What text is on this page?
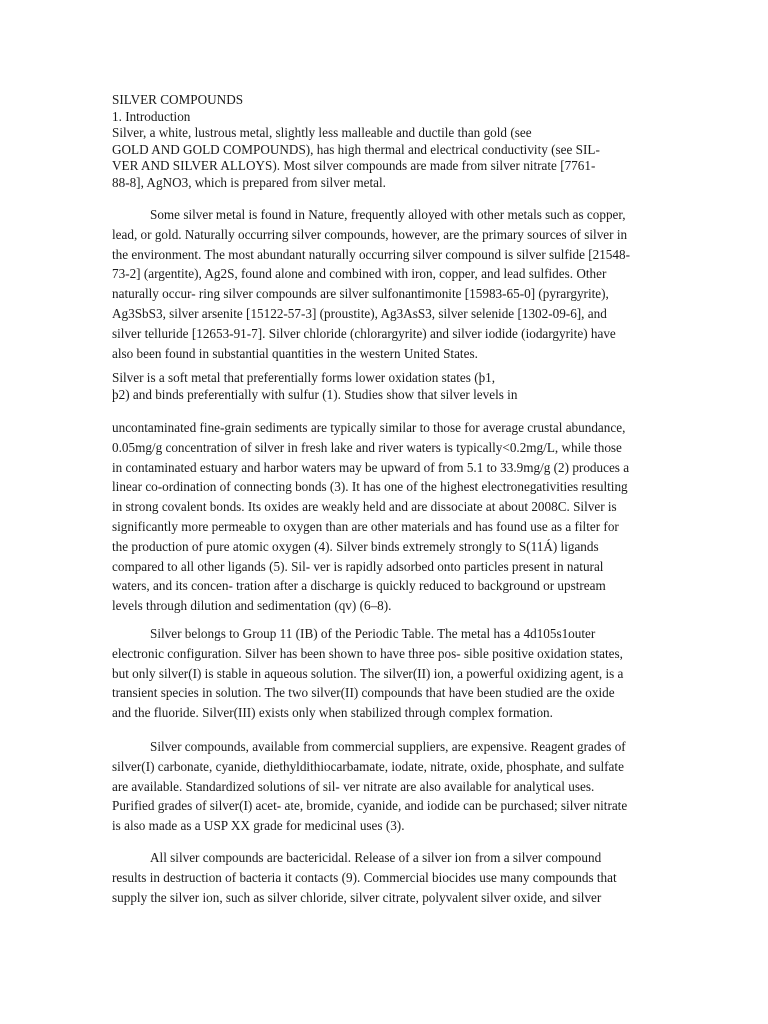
SILVER COMPOUNDS
1. Introduction
Silver, a white, lustrous metal, slightly less malleable and ductile than gold (see
GOLD AND GOLD COMPOUNDS), has high thermal and electrical conductivity (see SIL-
VER AND SILVER ALLOYS). Most silver compounds are made from silver nitrate [7761-
88-8], AgNO3, which is prepared from silver metal.
Some silver metal is found in Nature, frequently alloyed with other metals such as copper,
lead, or gold. Naturally occurring silver compounds, however, are the primary sources of silver in
the environment. The most abundant naturally occurring silver compound is silver sulfide [21548-
73-2] (argentite), Ag2S, found alone and combined with iron, copper, and lead sulfides. Other
naturally occur- ring silver compounds are silver sulfonantimonite [15983-65-0] (pyrargyrite),
Ag3SbS3, silver arsenite [15122-57-3] (proustite), Ag3AsS3, silver selenide [1302-09-6], and
silver telluride [12653-91-7]. Silver chloride (chlorargyrite) and silver iodide (iodargyrite) have
also been found in substantial quantities in the western United States.
Silver is a soft metal that preferentially forms lower oxidation states (þ1,
þ2) and binds preferentially with sulfur (1). Studies show that silver levels in
uncontaminated fine-grain sediments are typically similar to those for average crustal abundance,
0.05mg/g concentration of silver in fresh lake and river waters is typically<0.2mg/L, while those
in contaminated estuary and harbor waters may be upward of from 5.1 to 33.9mg/g (2) produces a
linear co-ordination of connecting bonds (3). It has one of the highest electronegativities resulting
in strong covalent bonds. Its oxides are weakly held and are dissociate at about 2008C. Silver is
significantly more permeable to oxygen than are other materials and has found use as a filter for
the production of pure atomic oxygen (4). Silver binds extremely strongly to S(11Á) ligands
compared to all other ligands (5). Sil- ver is rapidly adsorbed onto particles present in natural
waters, and its concen- tration after a discharge is quickly reduced to background or upstream
levels through dilution and sedimentation (qv) (6–8).
Silver belongs to Group 11 (IB) of the Periodic Table. The metal has a 4d105s1outer
electronic configuration. Silver has been shown to have three pos- sible positive oxidation states,
but only silver(I) is stable in aqueous solution. The silver(II) ion, a powerful oxidizing agent, is a
transient species in solution. The two silver(II) compounds that have been studied are the oxide
and the fluoride. Silver(III) exists only when stabilized through complex formation.
Silver compounds, available from commercial suppliers, are expensive. Reagent grades of
silver(I) carbonate, cyanide, diethyldithiocarbamate, iodate, nitrate, oxide, phosphate, and sulfate
are available. Standardized solutions of sil- ver nitrate are also available for analytical uses.
Purified grades of silver(I) acet- ate, bromide, cyanide, and iodide can be purchased; silver nitrate
is also made as a USP XX grade for medicinal uses (3).
All silver compounds are bactericidal. Release of a silver ion from a silver compound
results in destruction of bacteria it contacts (9). Commercial biocides use many compounds that
supply the silver ion, such as silver chloride, silver citrate, polyvalent silver oxide, and silver
